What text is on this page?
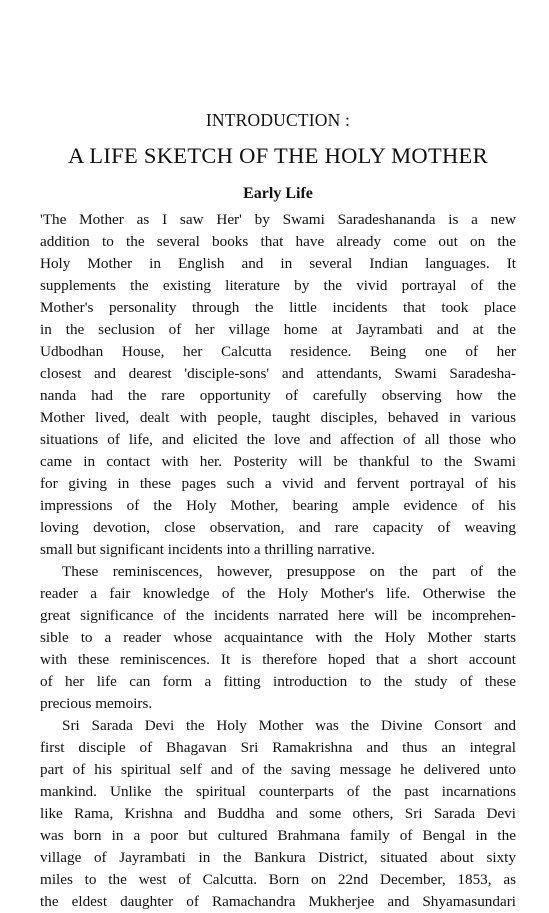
INTRODUCTION :

A LIFE SKETCH OF THE HOLY MOTHER
Early Life
'The Mother as I saw Her' by Swami Saradeshananda is a new
addition to the several books that have already come out on the
Holy Mother in English and in several Indian languages. It
supplements the existing literature by the vivid portrayal of the
Mother's personality through the little incidents that took place
in the seclusion of her village home at Jayrambati and at the
Udbodhan House, her Calcutta residence. Being one of her
closest and dearest 'disciple-sons' and attendants, Swami Saradesha-
nanda had the rare opportunity of carefully observing how the
Mother lived, dealt with people, taught disciples, behaved in various
situations of life, and elicited the love and affection of all those who
came in contact with her. Posterity will be thankful to the Swami
for giving in these pages such a vivid and fervent portrayal of his
impressions of the Holy Mother, bearing ample evidence of his
loving devotion, close observation, and rare capacity of weaving
small but significant incidents into a thrilling narrative.
These reminiscences, however, presuppose on the part of the
reader a fair knowledge of the Holy Mother's life. Otherwise the
great significance of the incidents narrated here will be incomprehen-
sible to a reader whose acquaintance with the Holy Mother starts
with these reminiscences. It is therefore hoped that a short account
of her life can form a fitting introduction to the study of these
precious memoirs.
Sri Sarada Devi the Holy Mother was the Divine Consort and
first disciple of Bhagavan Sri Ramakrishna and thus an integral
part of his spiritual self and of the saving message he delivered unto
mankind. Unlike the spiritual counterparts of the past incarnations
like Rama, Krishna and Buddha and some others, Sri Sarada Devi
was born in a poor but cultured Brahmana family of Bengal in the
village of Jayrambati in the Bankura District, situated about sixty
miles to the west of Calcutta. Born on 22nd December, 1853, as
the eldest daughter of Ramachandra Mukherjee and Shyamasundari
